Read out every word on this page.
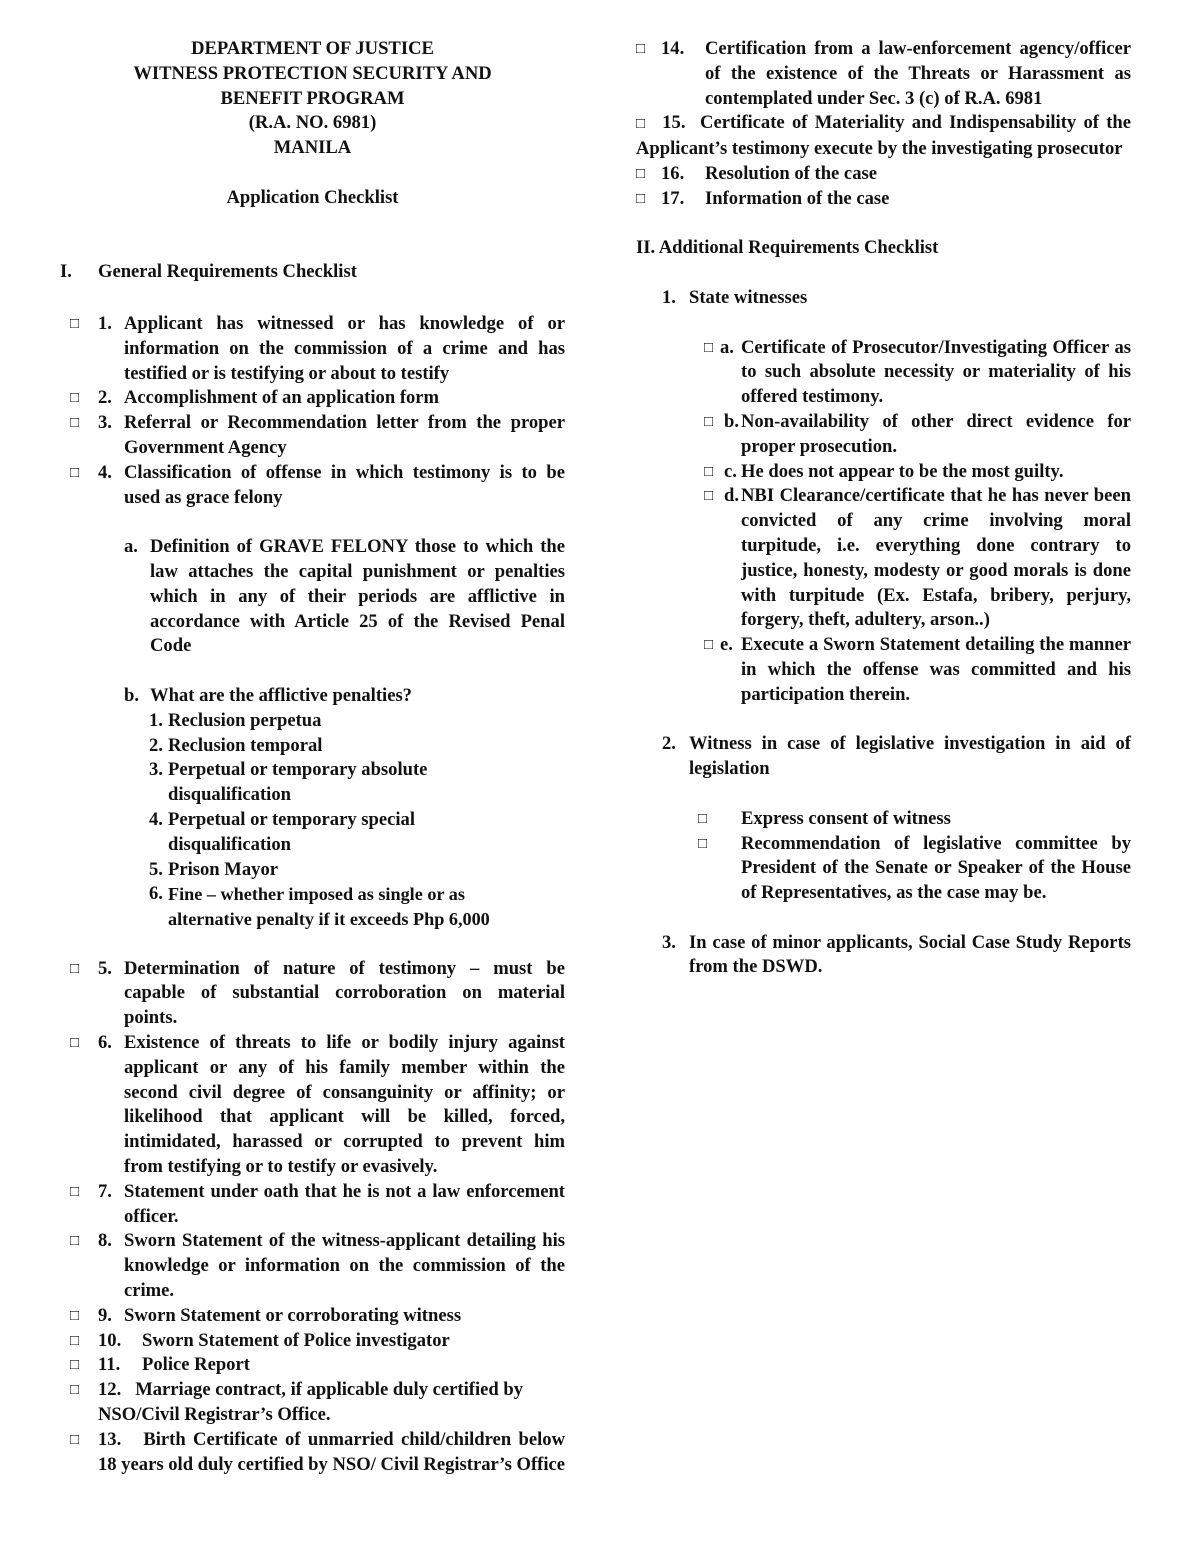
DEPARTMENT OF JUSTICE
WITNESS PROTECTION SECURITY AND
BENEFIT PROGRAM
(R.A. NO. 6981)
MANILA
Application Checklist
I.	General Requirements Checklist
□	1. Applicant has witnessed or has knowledge of or information on the commission of a crime and has testified or is testifying or about to testify
□	2. Accomplishment of an application form
□	3. Referral or Recommendation letter from the proper Government Agency
□	4. Classification of offense in which testimony is to be used as grace felony
a. Definition of GRAVE FELONY those to which the law attaches the capital punishment or penalties which in any of their periods are afflictive in accordance with Article 25 of the Revised Penal Code
b. What are the afflictive penalties?
1. Reclusion perpetua
2. Reclusion temporal
3. Perpetual or temporary absolute disqualification
4. Perpetual or temporary special disqualification
5. Prison Mayor
6. Fine – whether imposed as single or as alternative penalty if it exceeds Php 6,000
□	5. Determination of nature of testimony – must be capable of substantial corroboration on material points.
□	6. Existence of threats to life or bodily injury against applicant or any of his family member within the second civil degree of consanguinity or affinity; or likelihood that applicant will be killed, forced, intimidated, harassed or corrupted to prevent him from testifying or to testify or evasively.
□	7. Statement under oath that he is not a law enforcement officer.
□	8. Sworn Statement of the witness-applicant detailing his knowledge or information on the commission of the crime.
□	9. Sworn Statement or corroborating witness
□	10.	Sworn Statement of Police investigator
□	11.	Police Report
□	12. Marriage contract, if applicable duly certified by NSO/Civil Registrar’s Office.
□	13. Birth Certificate of unmarried child/children below 18 years old duly certified by NSO/ Civil Registrar’s Office
□ 14.	Certification from a law-enforcement agency/officer of the existence of the Threats or Harassment as contemplated under Sec. 3 (c) of R.A. 6981
□ 15. Certificate of Materiality and Indispensability of the Applicant’s testimony execute by the investigating prosecutor
□ 16.	Resolution of the case
□ 17.	Information of the case
II. Additional Requirements Checklist
1. State witnesses
□ a. Certificate of Prosecutor/Investigating Officer as to such absolute necessity or materiality of his offered testimony.
□ b. Non-availability of other direct evidence for proper prosecution.
□ c. He does not appear to be the most guilty.
□ d. NBI Clearance/certificate that he has never been convicted of any crime involving moral turpitude, i.e. everything done contrary to justice, honesty, modesty or good morals is done with turpitude (Ex. Estafa, bribery, perjury, forgery, theft, adultery, arson..)
□ e. Execute a Sworn Statement detailing the manner in which the offense was committed and his participation therein.
2. Witness in case of legislative investigation in aid of legislation
□	Express consent of witness
□	Recommendation of legislative committee by President of the Senate or Speaker of the House of Representatives, as the case may be.
3. In case of minor applicants, Social Case Study Reports from the DSWD.
